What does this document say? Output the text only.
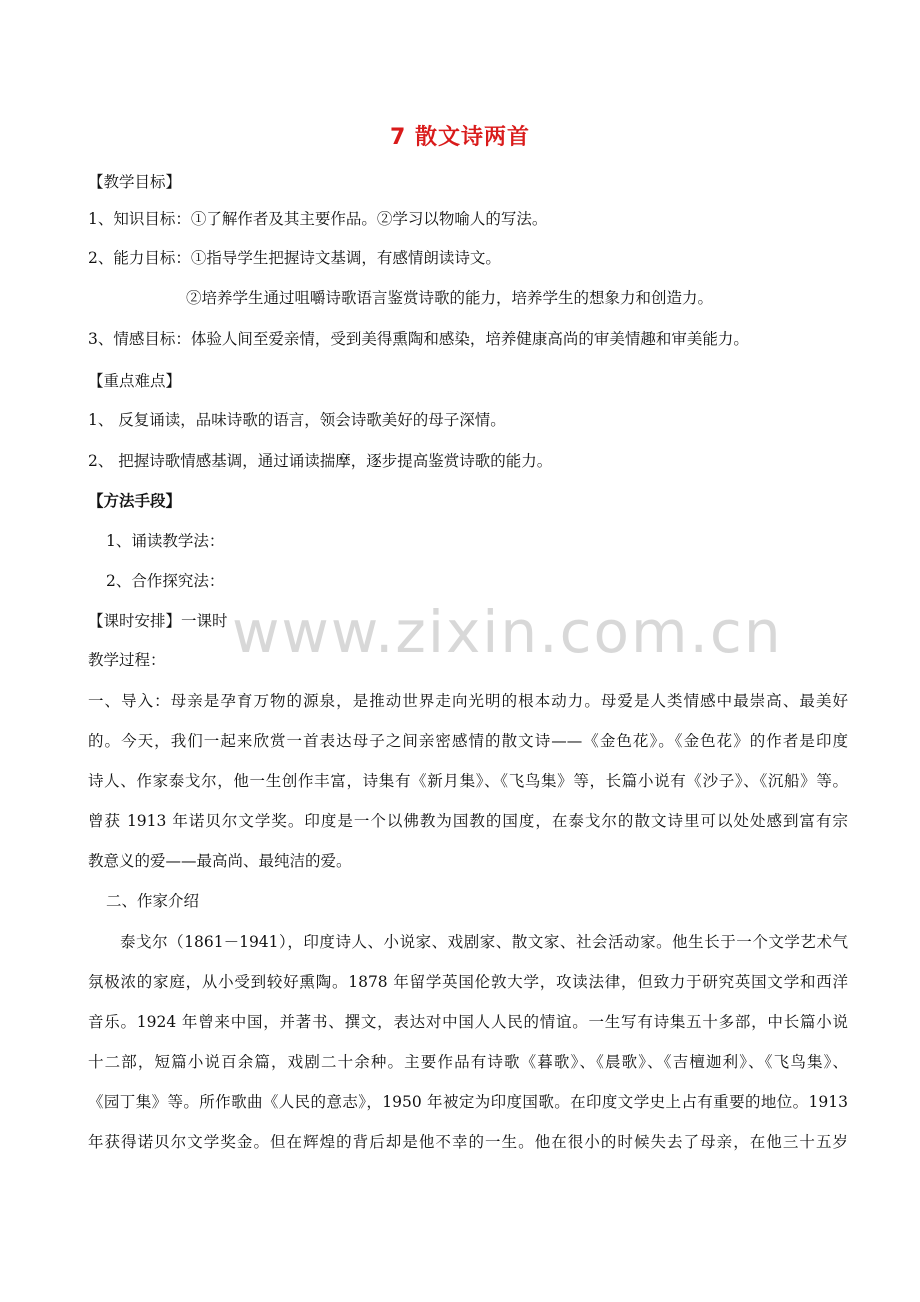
www.zixin.com.cn
7 散文诗两首
【教学目标】
1、知识目标：①了解作者及其主要作品。②学习以物喻人的写法。
2、能力目标：①指导学生把握诗文基调，有感情朗读诗文。
②培养学生通过咀嚼诗歌语言鉴赏诗歌的能力，培养学生的想象力和创造力。
3、情感目标：体验人间至爱亲情，受到美得熏陶和感染，培养健康高尚的审美情趣和审美能力。
【重点难点】
1、 反复诵读，品味诗歌的语言，领会诗歌美好的母子深情。
2、 把握诗歌情感基调，通过诵读揣摩，逐步提高鉴赏诗歌的能力。
【方法手段】
1、诵读教学法：
2、合作探究法：
【课时安排】一课时
教学过程：
一、导入：母亲是孕育万物的源泉，是推动世界走向光明的根本动力。母爱是人类情感中最崇高、最美好
的。今天，我们一起来欣赏一首表达母子之间亲密感情的散文诗——《金色花》。《金色花》的作者是印度
诗人、作家泰戈尔，他一生创作丰富，诗集有《新月集》、《飞鸟集》等，长篇小说有《沙子》、《沉船》等。
曾获 1913 年诺贝尔文学奖。印度是一个以佛教为国教的国度，在泰戈尔的散文诗里可以处处感到富有宗
教意义的爱——最高尚、最纯洁的爱。
二、作家介绍
泰戈尔（1861－1941），印度诗人、小说家、戏剧家、散文家、社会活动家。他生长于一个文学艺术气
氛极浓的家庭，从小受到较好熏陶。1878 年留学英国伦敦大学，攻读法律，但致力于研究英国文学和西洋
音乐。1924 年曾来中国，并著书、撰文，表达对中国人人民的情谊。一生写有诗集五十多部，中长篇小说
十二部，短篇小说百余篇，戏剧二十余种。主要作品有诗歌《暮歌》、《晨歌》、《吉檀迦利》、《飞鸟集》、
《园丁集》等。所作歌曲《人民的意志》，1950 年被定为印度国歌。在印度文学史上占有重要的地位。1913
年获得诺贝尔文学奖金。但在辉煌的背后却是他不幸的一生。他在很小的时候失去了母亲，在他三十五岁
